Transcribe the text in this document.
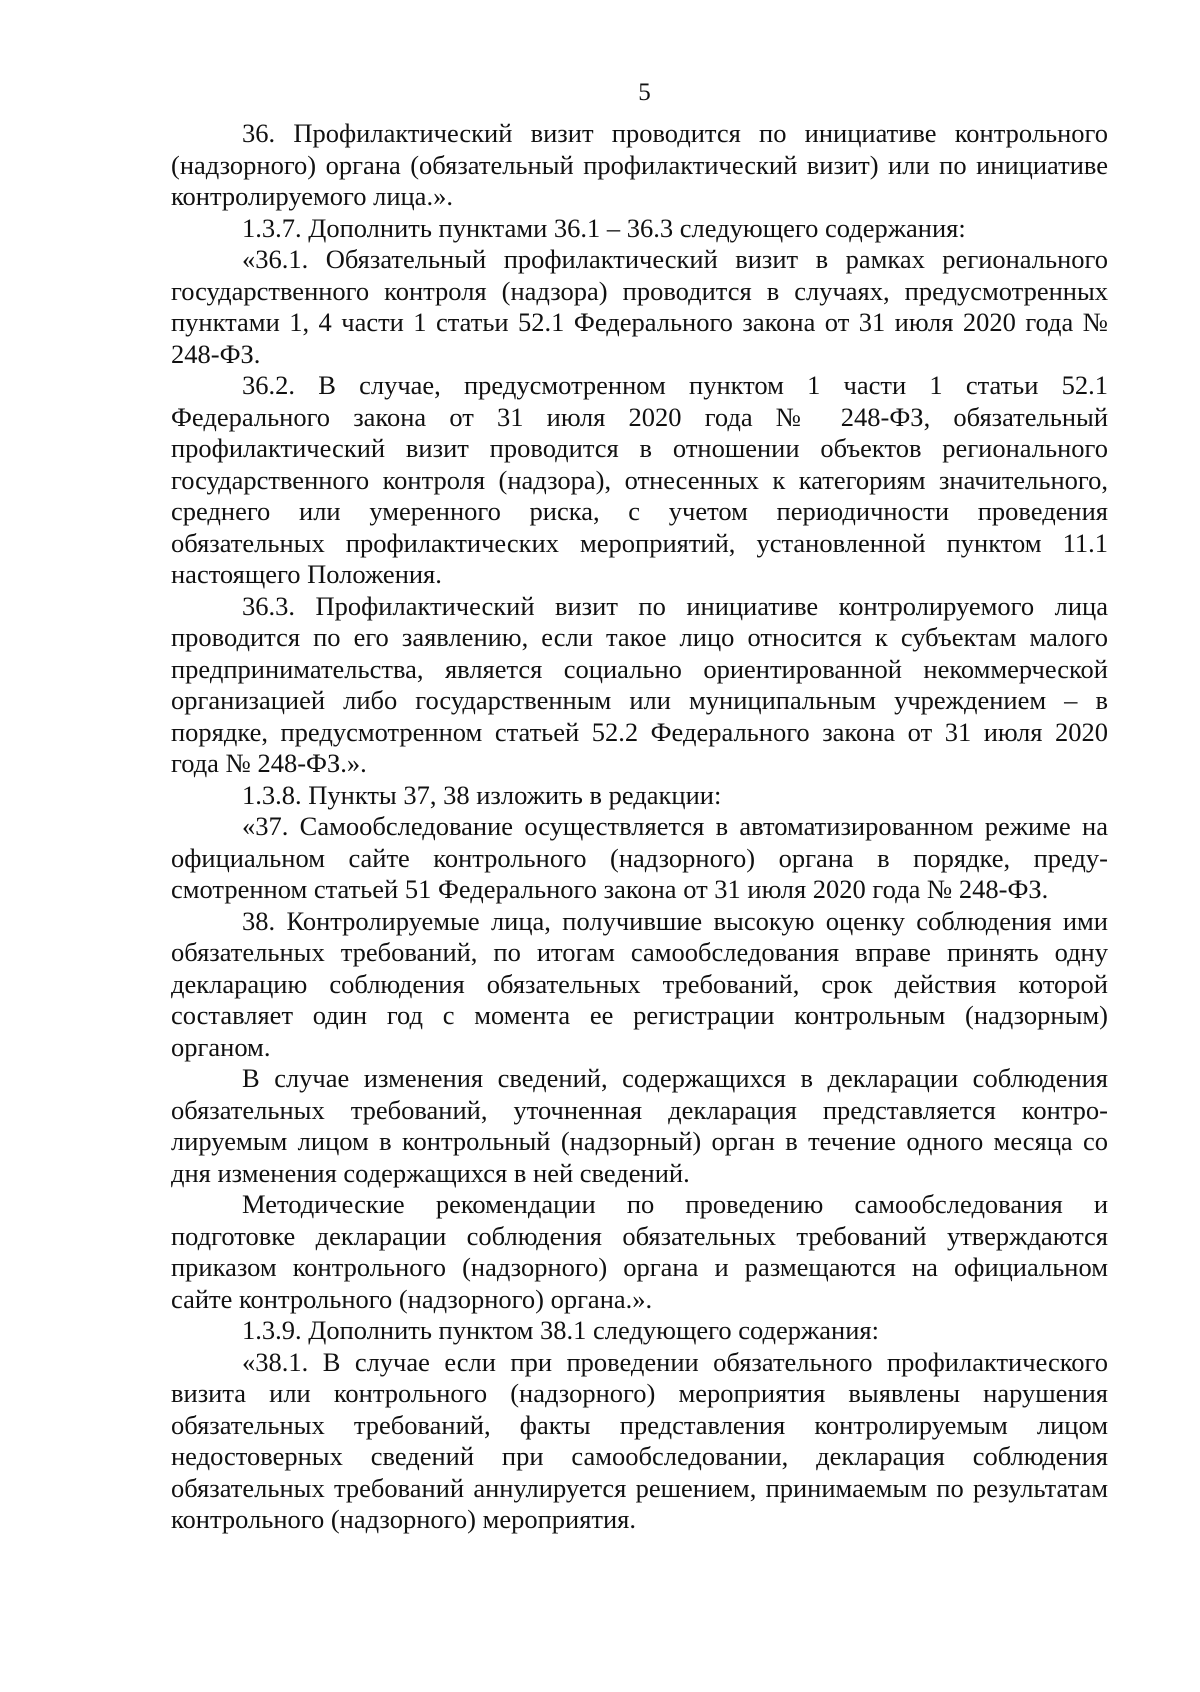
5

36. Профилактический визит проводится по инициативе контрольного (надзорного) органа (обязательный профилактический визит) или по инициативе контролируемого лица.».

1.3.7. Дополнить пунктами 36.1 – 36.3 следующего содержания:

«36.1. Обязательный профилактический визит в рамках регионального государственного контроля (надзора) проводится в случаях, предусмотренных пунктами 1, 4 части 1 статьи 52.1 Федерального закона от 31 июля 2020 года № 248-ФЗ.

36.2. В случае, предусмотренном пунктом 1 части 1 статьи 52.1 Федерального закона от 31 июля 2020 года № 248-ФЗ, обязательный профилактический визит проводится в отношении объектов регионального государственного контроля (надзора), отнесенных к категориям значительного, среднего или умеренного риска, с учетом периодичности проведения обязательных профилактических мероприятий, установленной пунктом 11.1 настоящего Положения.

36.3. Профилактический визит по инициативе контролируемого лица проводится по его заявлению, если такое лицо относится к субъектам малого предпринимательства, является социально ориентированной некоммерческой организацией либо государственным или муниципальным учреждением – в порядке, предусмотренном статьей 52.2 Федерального закона от 31 июля 2020 года № 248-ФЗ.».

1.3.8. Пункты 37, 38 изложить в редакции:

«37. Самообследование осуществляется в автоматизированном режиме на официальном сайте контрольного (надзорного) органа в порядке, предусмотренном статьей 51 Федерального закона от 31 июля 2020 года № 248-ФЗ.

38. Контролируемые лица, получившие высокую оценку соблюдения ими обязательных требований, по итогам самообследования вправе принять одну декларацию соблюдения обязательных требований, срок действия которой составляет один год с момента ее регистрации контрольным (надзорным) органом.

В случае изменения сведений, содержащихся в декларации соблюдения обязательных требований, уточненная декларация представляется контролируемым лицом в контрольный (надзорный) орган в течение одного месяца со дня изменения содержащихся в ней сведений.

Методические рекомендации по проведению самообследования и подготовке декларации соблюдения обязательных требований утверждаются приказом контрольного (надзорного) органа и размещаются на официальном сайте контрольного (надзорного) органа.».

1.3.9. Дополнить пунктом 38.1 следующего содержания:

«38.1. В случае если при проведении обязательного профилактического визита или контрольного (надзорного) мероприятия выявлены нарушения обязательных требований, факты представления контролируемым лицом недостоверных сведений при самообследовании, декларация соблюдения обязательных требований аннулируется решением, принимаемым по результатам контрольного (надзорного) мероприятия.
